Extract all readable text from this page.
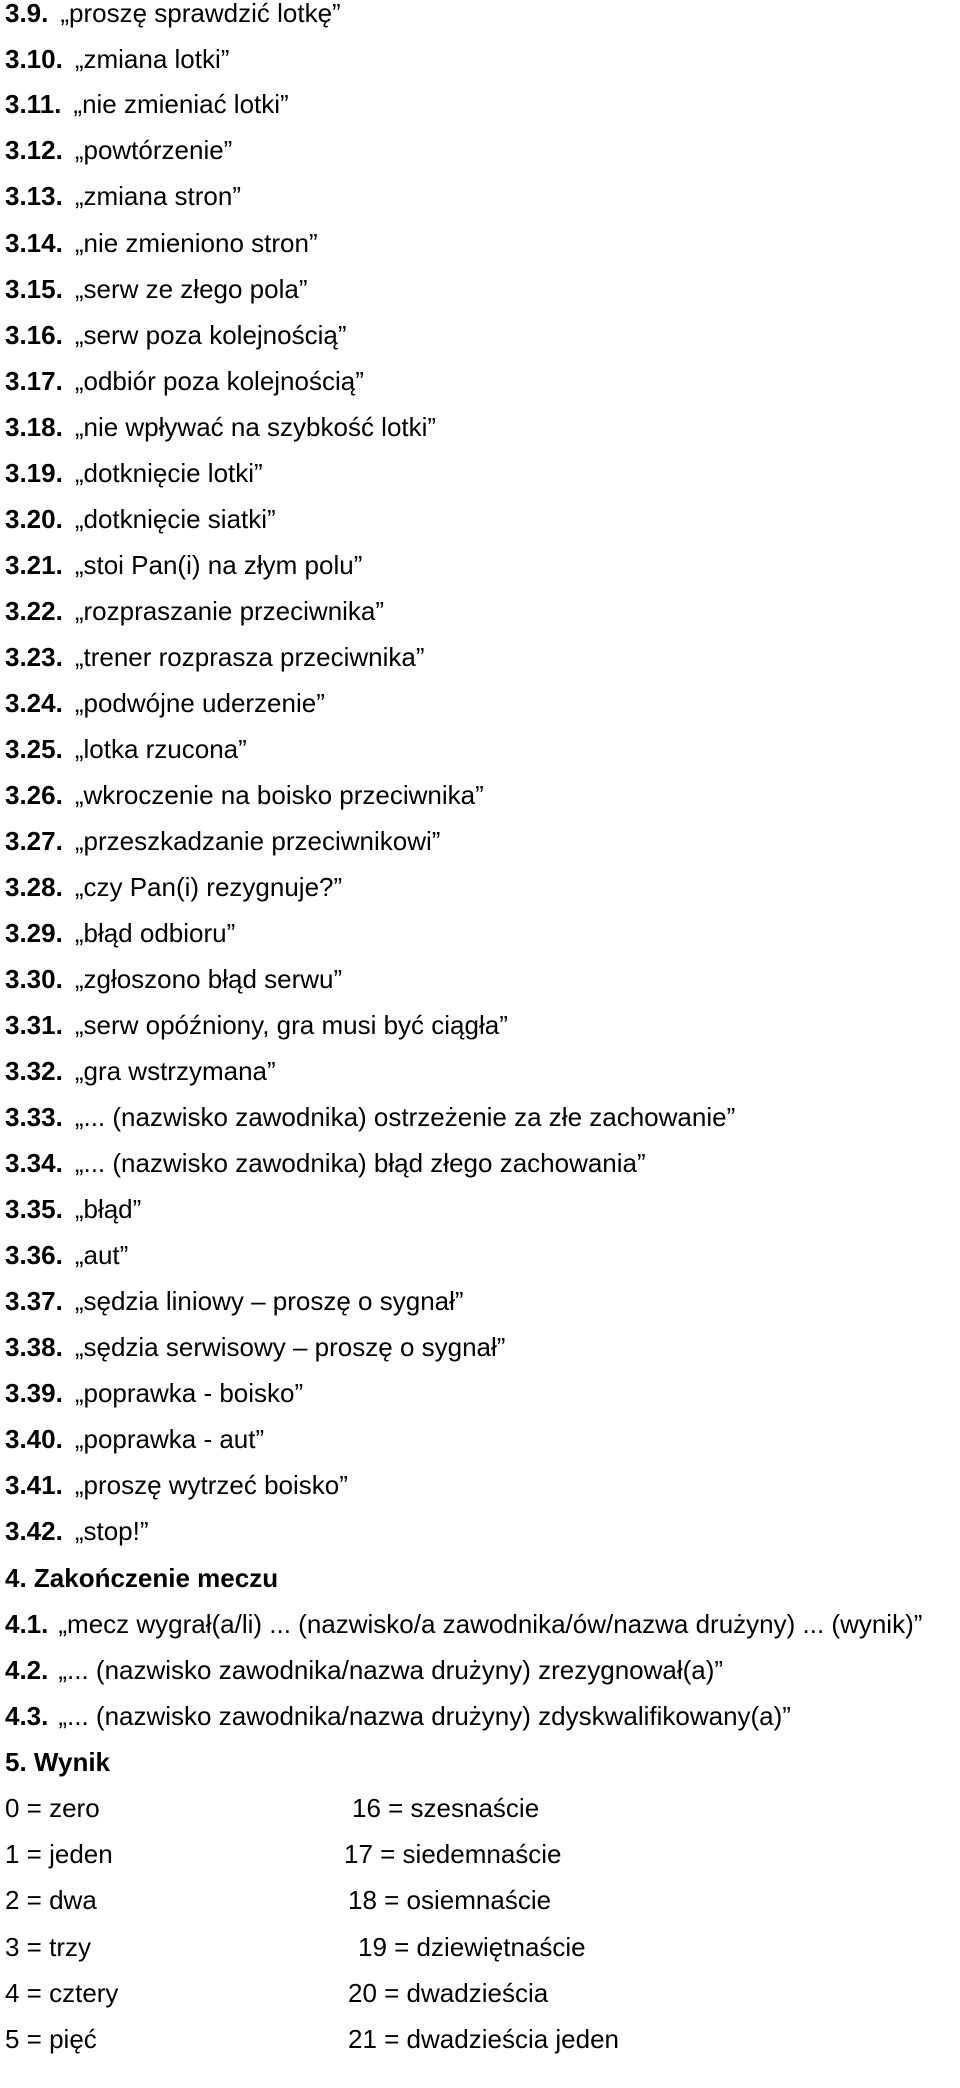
3.9. „proszę sprawdzić lotkę”
3.10. „zmiana lotki”
3.11. „nie zmieniać lotki”
3.12. „powtórzenie”
3.13. „zmiana stron”
3.14. „nie zmieniono stron”
3.15. „serw ze złego pola”
3.16. „serw poza kolejnością”
3.17. „odbiór poza kolejnością”
3.18. „nie wpływać na szybkość lotki”
3.19. „dotknięcie lotki”
3.20. „dotknięcie siatki”
3.21. „stoi Pan(i) na złym polu”
3.22. „rozpraszanie przeciwnika”
3.23. „trener rozprasza przeciwnika”
3.24. „podwójne uderzenie”
3.25. „lotka rzucona”
3.26. „wkroczenie na boisko przeciwnika”
3.27. „przeszkadzanie przeciwnikowi”
3.28. „czy Pan(i) rezygnuje?”
3.29. „błąd odbioru”
3.30. „zgłoszono błąd serwu”
3.31. „serw opóźniony, gra musi być ciągła”
3.32. „gra wstrzymana”
3.33. „... (nazwisko zawodnika) ostrzeżenie za złe zachowanie”
3.34. „... (nazwisko zawodnika) błąd złego zachowania”
3.35. „błąd”
3.36. „aut”
3.37. „sędzia liniowy – proszę o sygnał”
3.38. „sędzia serwisowy – proszę o sygnał”
3.39. „poprawka - boisko”
3.40. „poprawka - aut”
3.41. „proszę wytrzeć boisko”
3.42. „stop!”
4. Zakończenie meczu
4.1. „mecz wygrał(a/li) ... (nazwisko/a zawodnika/ów/nazwa drużyny) ... (wynik)”
4.2. „... (nazwisko zawodnika/nazwa drużyny) zrezygnował(a)”
4.3. „... (nazwisko zawodnika/nazwa drużyny) zdyskwalifikowany(a)”
5. Wynik
0 = zero	16 = szesnaście
1 = jeden	17 = siedemnaście
2 = dwa	18 = osiemnaście
3 = trzy	19 = dziewiętnaście
4 = cztery	20 = dwadzieścia
5 = pięć	21 = dwadzieścia jeden
